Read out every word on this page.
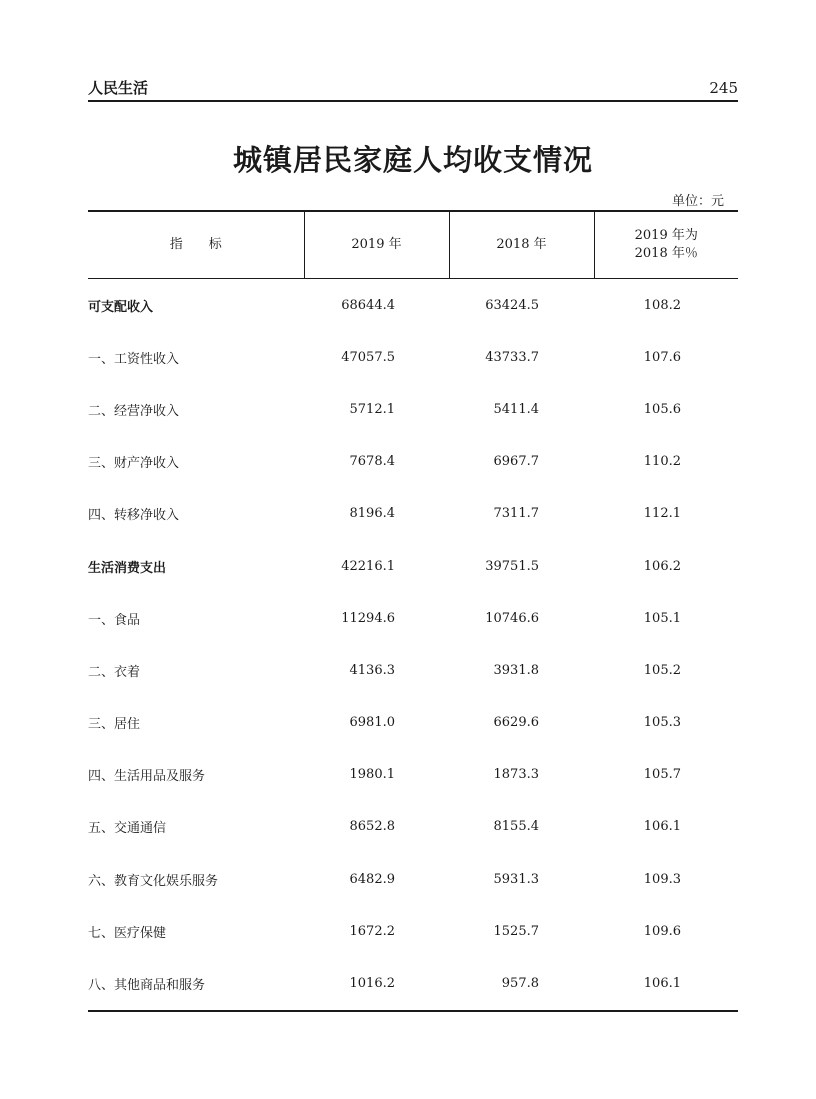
人民生活	245
城镇居民家庭人均收支情况
单位：元
指 标	2019 年	2018 年	2019 年为
2018 年％

可支配收入	68644.4	63424.5	108.2
一、工资性收入	47057.5	43733.7	107.6
二、经营净收入	5712.1	5411.4	105.6
三、财产净收入	7678.4	6967.7	110.2
四、转移净收入	8196.4	7311.7	112.1
生活消费支出	42216.1	39751.5	106.2
一、食品	11294.6	10746.6	105.1
二、衣着	4136.3	3931.8	105.2
三、居住	6981.0	6629.6	105.3
四、生活用品及服务	1980.1	1873.3	105.7
五、交通通信	8652.8	8155.4	106.1
六、教育文化娱乐服务	6482.9	5931.3	109.3
七、医疗保健	1672.2	1525.7	109.6
八、其他商品和服务	1016.2	957.8	106.1
